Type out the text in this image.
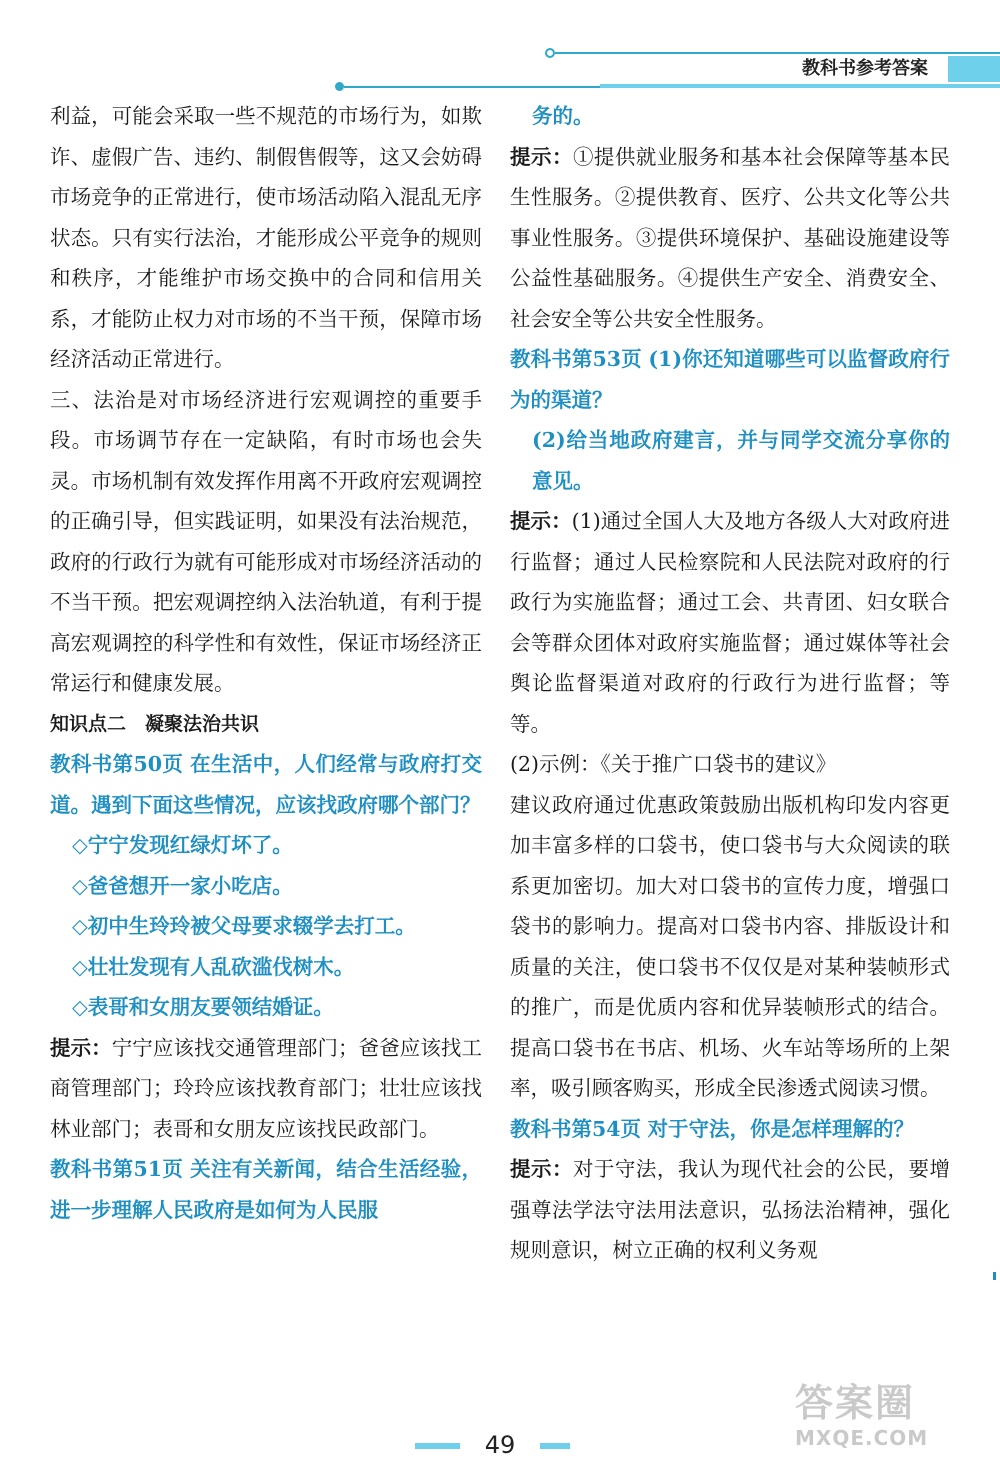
教科书参考答案

利益，可能会采取一些不规范的市场行为，如欺诈、虚假广告、违约、制假售假等，这又会妨碍市场竞争的正常进行，使市场活动陷入混乱无序状态。只有实行法治，才能形成公平竞争的规则和秩序，才能维护市场交换中的合同和信用关系，才能防止权力对市场的不当干预，保障市场经济活动正常进行。

三、法治是对市场经济进行宏观调控的重要手段。市场调节存在一定缺陷，有时市场也会失灵。市场机制有效发挥作用离不开政府宏观调控的正确引导，但实践证明，如果没有法治规范，政府的行政行为就有可能形成对市场经济活动的不当干预。把宏观调控纳入法治轨道，有利于提高宏观调控的科学性和有效性，保证市场经济正常运行和健康发展。

知识点二　凝聚法治共识

教科书第50页 在生活中，人们经常与政府打交道。遇到下面这些情况，应该找政府哪个部门？

◇宁宁发现红绿灯坏了。

◇爸爸想开一家小吃店。

◇初中生玲玲被父母要求辍学去打工。

◇壮壮发现有人乱砍滥伐树木。

◇表哥和女朋友要领结婚证。

提示：宁宁应该找交通管理部门；爸爸应该找工商管理部门；玲玲应该找教育部门；壮壮应该找林业部门；表哥和女朋友应该找民政部门。

教科书第51页 关注有关新闻，结合生活经验，进一步理解人民政府是如何为人民服

务的。

提示：①提供就业服务和基本社会保障等基本民生性服务。②提供教育、医疗、公共文化等公共事业性服务。③提供环境保护、基础设施建设等公益性基础服务。④提供生产安全、消费安全、社会安全等公共安全性服务。

教科书第53页 (1)你还知道哪些可以监督政府行为的渠道？

(2)给当地政府建言，并与同学交流分享你的意见。

提示：(1)通过全国人大及地方各级人大对政府进行监督；通过人民检察院和人民法院对政府的行政行为实施监督；通过工会、共青团、妇女联合会等群众团体对政府实施监督；通过媒体等社会舆论监督渠道对政府的行政行为进行监督；等等。

(2)示例：《关于推广口袋书的建议》

建议政府通过优惠政策鼓励出版机构印发内容更加丰富多样的口袋书，使口袋书与大众阅读的联系更加密切。加大对口袋书的宣传力度，增强口袋书的影响力。提高对口袋书内容、排版设计和质量的关注，使口袋书不仅仅是对某种装帧形式的推广，而是优质内容和优异装帧形式的结合。提高口袋书在书店、机场、火车站等场所的上架率，吸引顾客购买，形成全民渗透式阅读习惯。

教科书第54页 对于守法，你是怎样理解的？

提示：对于守法，我认为现代社会的公民，要增强尊法学法守法用法意识，弘扬法治精神，强化规则意识，树立正确的权利义务观

49
答案圈
MXQE.COM
